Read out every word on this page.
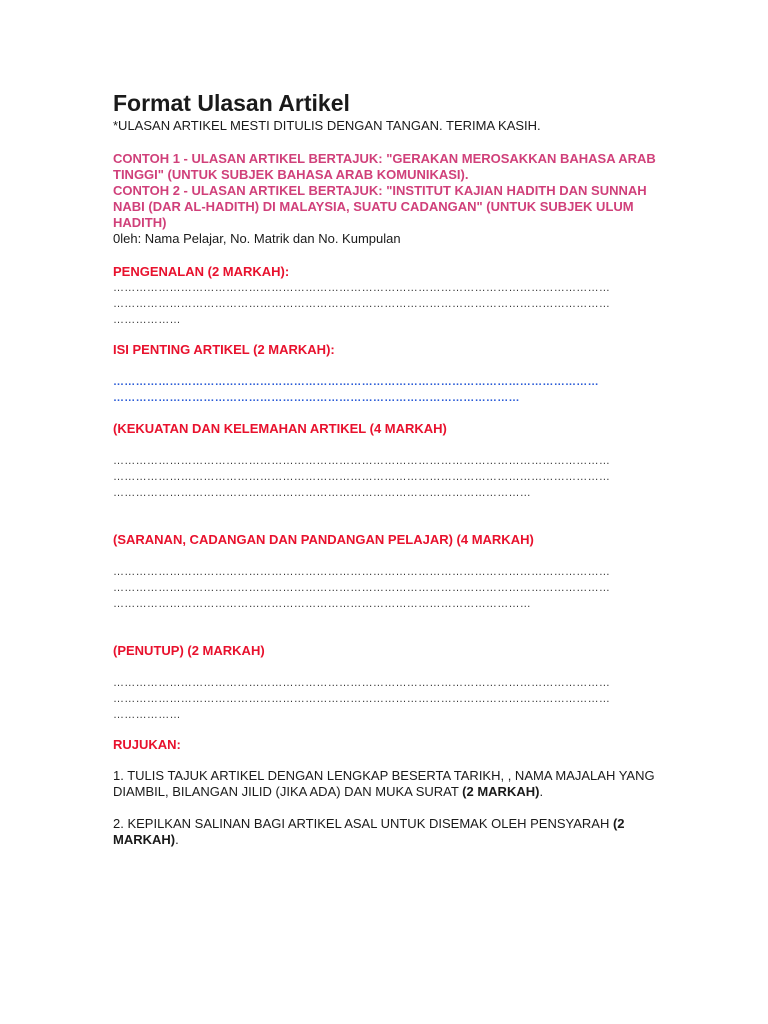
Format Ulasan Artikel

*ULASAN ARTIKEL MESTI DITULIS DENGAN TANGAN. TERIMA KASIH.

CONTOH 1 - ULASAN ARTIKEL BERTAJUK: "GERAKAN MEROSAKKAN BAHASA ARAB TINGGI" (UNTUK SUBJEK BAHASA ARAB KOMUNIKASI).

CONTOH 2 - ULASAN ARTIKEL BERTAJUK: "INSTITUT KAJIAN HADITH DAN SUNNAH NABI (DAR AL-HADITH) DI MALAYSIA, SUATU CADANGAN" (UNTUK SUBJEK ULUM HADITH)

0leh: Nama Pelajar, No. Matrik dan No. Kumpulan

PENGENALAN (2 MARKAH):

……………………………………………………………………………………………………………………

……………………………………………………………………………………………………………………

………………

ISI PENTING ARTIKEL (2 MARKAH):

…………………………………………………………………………………………………………………

………………………………………………………………………………………………

(KEKUATAN DAN KELEMAHAN ARTIKEL (4 MARKAH)

……………………………………………………………………………………………………………………

……………………………………………………………………………………………………………………

…………………………………………………………………………………………………

(SARANAN, CADANGAN DAN PANDANGAN PELAJAR) (4 MARKAH)

……………………………………………………………………………………………………………………

……………………………………………………………………………………………………………………

…………………………………………………………………………………………………

(PENUTUP) (2 MARKAH)

……………………………………………………………………………………………………………………

……………………………………………………………………………………………………………………

………………

RUJUKAN:

1. TULIS TAJUK ARTIKEL DENGAN LENGKAP BESERTA TARIKH, , NAMA MAJALAH YANG DIAMBIL, BILANGAN JILID (JIKA ADA) DAN MUKA SURAT (2 MARKAH).

2. KEPILKAN SALINAN BAGI ARTIKEL ASAL UNTUK DISEMAK OLEH PENSYARAH (2 MARKAH).
